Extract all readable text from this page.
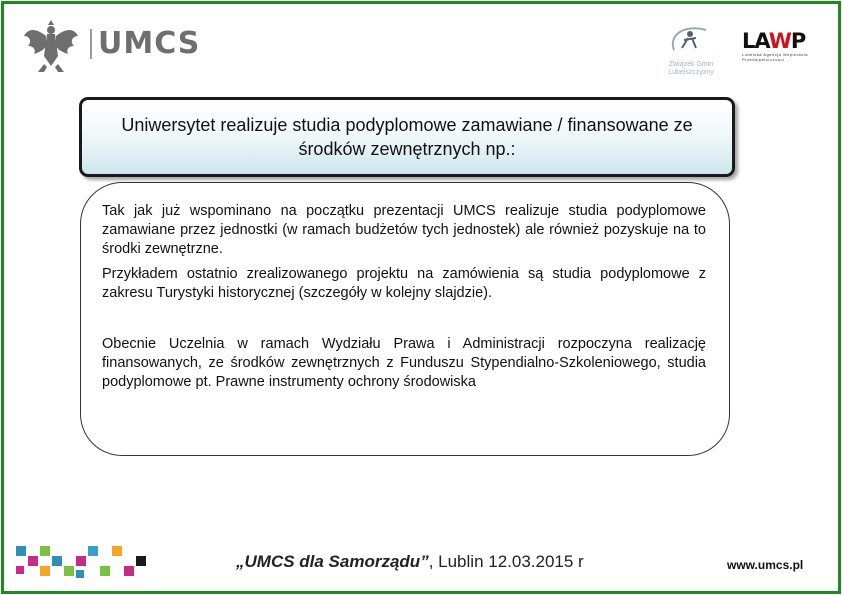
UMCS
Związek Gmin Lubelszczyzny
LAWP
Lubelska Agencja Wspierania Przedsiębiorczości
Uniwersytet realizuje studia podyplomowe zamawiane / finansowane ze środków zewnętrznych np.:

Tak jak już wspominano na początku prezentacji UMCS realizuje studia podyplomowe zamawiane przez jednostki (w ramach budżetów tych jednostek) ale również pozyskuje na to środki zewnętrzne.

Przykładem ostatnio zrealizowanego projektu na zamówienia są studia podyplomowe z zakresu Turystyki historycznej (szczegóły w kolejny slajdzie).

Obecnie Uczelnia w ramach Wydziału Prawa i Administracji rozpoczyna realizację finansowanych, ze środków zewnętrznych z Funduszu Stypendialno-Szkoleniowego, studia podyplomowe pt. Prawne instrumenty ochrony środowiska

„UMCS dla Samorządu”, Lublin 12.03.2015 r	www.umcs.pl
